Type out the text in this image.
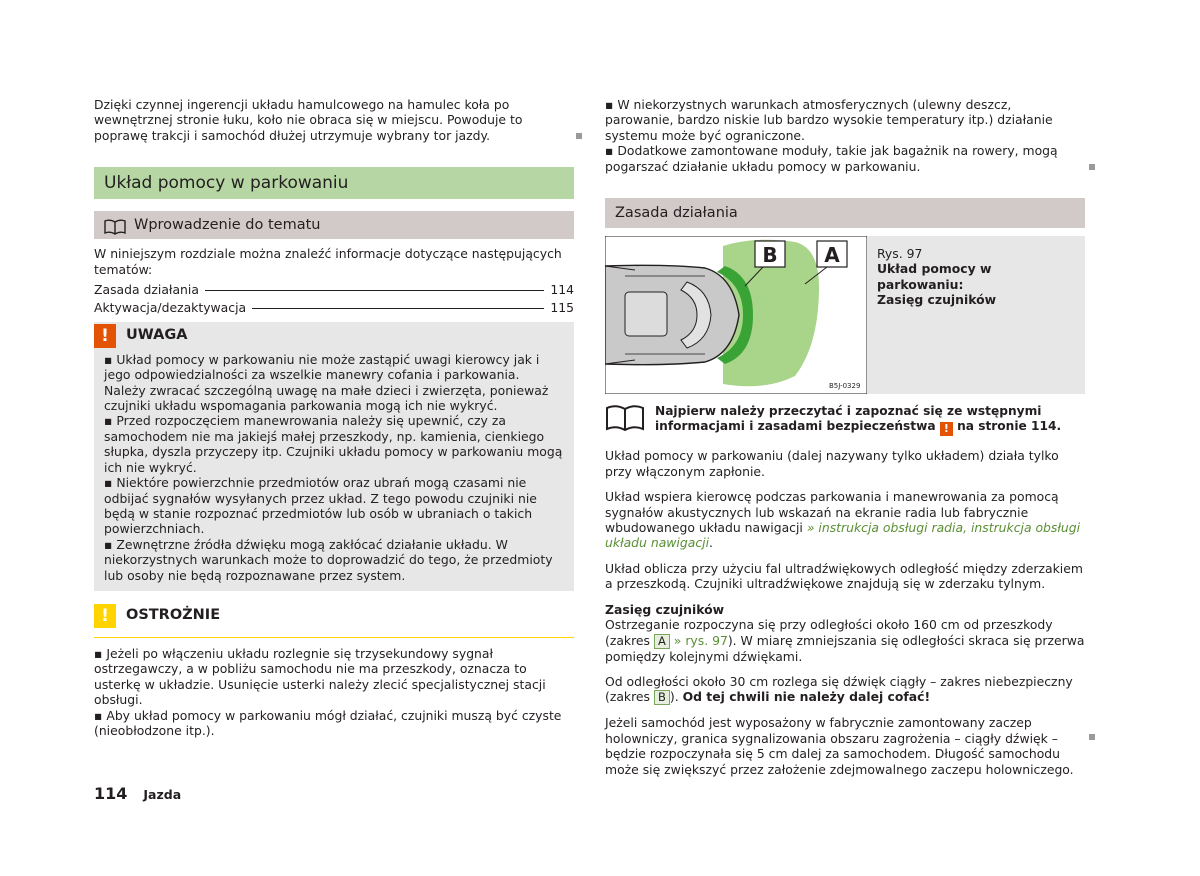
Dzięki czynnej ingerencji układu hamulcowego na hamulec koła po wewnętrznej stronie łuku, koło nie obraca się w miejscu. Powoduje to poprawę trakcji i samochód dłużej utrzymuje wybrany tor jazdy.

Układ pomocy w parkowaniu
Wprowadzenie do tematu

W niniejszym rozdziale można znaleźć informacje dotyczące następujących tematów:

Zasada działania	114
Aktywacja/dezaktywacja	115
!	UWAGA

▪ Układ pomocy w parkowaniu nie może zastąpić uwagi kierowcy jak i jego odpowiedzialności za wszelkie manewry cofania i parkowania. Należy zwracać szczególną uwagę na małe dzieci i zwierzęta, ponieważ czujniki układu wspomagania parkowania mogą ich nie wykryć.

▪ Przed rozpoczęciem manewrowania należy się upewnić, czy za samochodem nie ma jakiejś małej przeszkody, np. kamienia, cienkiego słupka, dyszla przyczepy itp. Czujniki układu pomocy w parkowaniu mogą ich nie wykryć.

▪ Niektóre powierzchnie przedmiotów oraz ubrań mogą czasami nie odbijać sygnałów wysyłanych przez układ. Z tego powodu czujniki nie będą w stanie rozpoznać przedmiotów lub osób w ubraniach o takich powierzchniach.

▪ Zewnętrzne źródła dźwięku mogą zakłócać działanie układu. W niekorzystnych warunkach może to doprowadzić do tego, że przedmioty lub osoby nie będą rozpoznawane przez system.

!	OSTROŻNIE

▪ Jeżeli po włączeniu układu rozlegnie się trzysekundowy sygnał ostrzegawczy, a w pobliżu samochodu nie ma przeszkody, oznacza to usterkę w układzie. Usunięcie usterki należy zlecić specjalistycznej stacji obsługi.

▪ Aby układ pomocy w parkowaniu mógł działać, czujniki muszą być czyste (nieobłodzone itp.).

114 Jazda

▪ W niekorzystnych warunkach atmosferycznych (ulewny deszcz, parowanie, bardzo niskie lub bardzo wysokie temperatury itp.) działanie systemu może być ograniczone.

▪ Dodatkowe zamontowane moduły, takie jak bagażnik na rowery, mogą pogarszać działanie układu pomocy w parkowaniu.

Zasada działania
B A
B5J-0329
Rys. 97
Układ pomocy w parkowaniu:
Zasięg czujników

Najpierw należy przeczytać i zapoznać się ze wstępnymi informacjami i zasadami bezpieczeństwa ! na stronie 114.

Układ pomocy w parkowaniu (dalej nazywany tylko układem) działa tylko przy włączonym zapłonie.

Układ wspiera kierowcę podczas parkowania i manewrowania za pomocą sygnałów akustycznych lub wskazań na ekranie radia lub fabrycznie wbudowanego układu nawigacji » instrukcja obsługi radia, instrukcja obsługi układu nawigacji.

Układ oblicza przy użyciu fal ultradźwiękowych odległość między zderzakiem a przeszkodą. Czujniki ultradźwiękowe znajdują się w zderzaku tylnym.

Zasięg czujników

Ostrzeganie rozpoczyna się przy odległości około 160 cm od przeszkody (zakres A » rys. 97). W miarę zmniejszania się odległości skraca się przerwa pomiędzy kolejnymi dźwiękami.

Od odległości około 30 cm rozlega się dźwięk ciągły – zakres niebezpieczny (zakres B ). Od tej chwili nie należy dalej cofać!

Jeżeli samochód jest wyposażony w fabrycznie zamontowany zaczep holowniczy, granica sygnalizowania obszaru zagrożenia – ciągły dźwięk – będzie rozpoczynała się 5 cm dalej za samochodem. Długość samochodu może się zwiększyć przez założenie zdejmowalnego zaczepu holowniczego.
